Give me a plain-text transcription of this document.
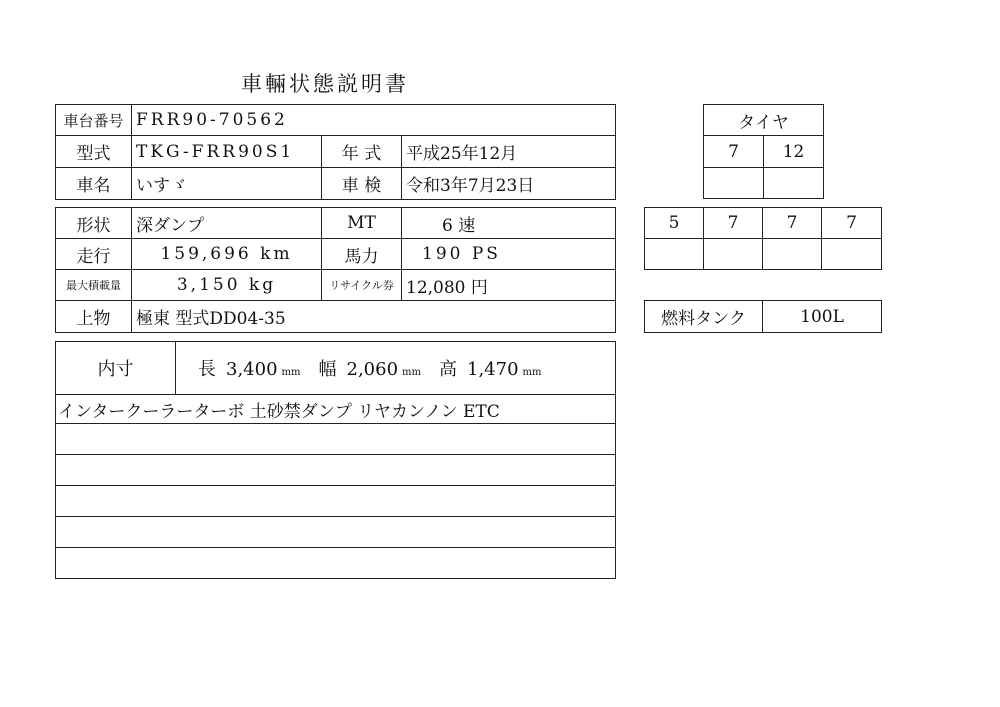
車輛状態説明書
車台番号	FRR90-70562		
型式	TKG-FRR90S1	年 式	平成25年12月
車名	いすゞ	車 検	令和3年7月23日
形状	深ダンプ	MT	6 速
走行	159,696 km	馬力	190 PS
最大積載量	3,150 kg	リサイクル券	12,080 円
上物	極東 型式DD04-35		
内寸	長 3,400 mm 幅 2,060 mm 高 1,470 mm
インタークーラーターボ 土砂禁ダンプ リヤカンノン ETC

タイヤ	
7	12

5	7	7	7

燃料タンク	100L
